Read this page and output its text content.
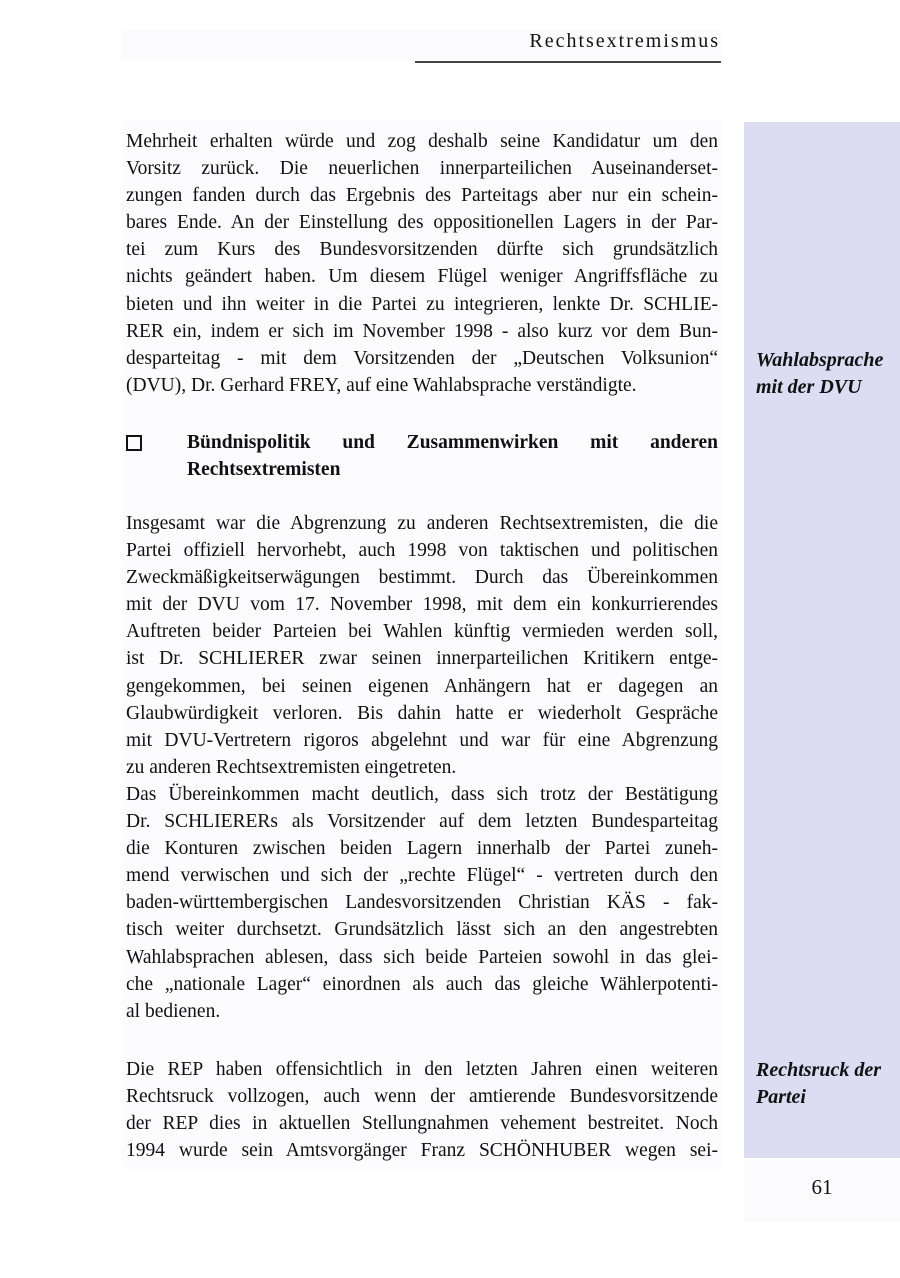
Rechtsextremismus
61
Wahlabsprache
mit der DVU
Rechtsruck der
Partei
Mehrheit erhalten würde und zog deshalb seine Kandidatur um den
Vorsitz zurück. Die neuerlichen innerparteilichen Auseinanderset-
zungen fanden durch das Ergebnis des Parteitags aber nur ein schein-
bares Ende. An der Einstellung des oppositionellen Lagers in der Par-
tei zum Kurs des Bundesvorsitzenden dürfte sich grundsätzlich
nichts geändert haben. Um diesem Flügel weniger Angriffsfläche zu
bieten und ihn weiter in die Partei zu integrieren, lenkte Dr. SCHLIE-
RER ein, indem er sich im November 1998 - also kurz vor dem Bun-
desparteitag - mit dem Vorsitzenden der „Deutschen Volksunion“
(DVU), Dr. Gerhard FREY, auf eine Wahlabsprache verständigte.
Bündnispolitik und Zusammenwirken mit anderen
Rechtsextremisten
Insgesamt war die Abgrenzung zu anderen Rechtsextremisten, die die
Partei offiziell hervorhebt, auch 1998 von taktischen und politischen
Zweckmäßigkeitserwägungen bestimmt. Durch das Übereinkommen
mit der DVU vom 17. November 1998, mit dem ein konkurrierendes
Auftreten beider Parteien bei Wahlen künftig vermieden werden soll,
ist Dr. SCHLIERER zwar seinen innerparteilichen Kritikern entge-
gengekommen, bei seinen eigenen Anhängern hat er dagegen an
Glaubwürdigkeit verloren. Bis dahin hatte er wiederholt Gespräche
mit DVU-Vertretern rigoros abgelehnt und war für eine Abgrenzung
zu anderen Rechtsextremisten eingetreten.
Das Übereinkommen macht deutlich, dass sich trotz der Bestätigung
Dr. SCHLIERERs als Vorsitzender auf dem letzten Bundesparteitag
die Konturen zwischen beiden Lagern innerhalb der Partei zuneh-
mend verwischen und sich der „rechte Flügel“ - vertreten durch den
baden-württembergischen Landesvorsitzenden Christian KÄS - fak-
tisch weiter durchsetzt. Grundsätzlich lässt sich an den angestrebten
Wahlabsprachen ablesen, dass sich beide Parteien sowohl in das glei-
che „nationale Lager“ einordnen als auch das gleiche Wählerpotenti-
al bedienen.
Die REP haben offensichtlich in den letzten Jahren einen weiteren
Rechtsruck vollzogen, auch wenn der amtierende Bundesvorsitzende
der REP dies in aktuellen Stellungnahmen vehement bestreitet. Noch
1994 wurde sein Amtsvorgänger Franz SCHÖNHUBER wegen sei-
